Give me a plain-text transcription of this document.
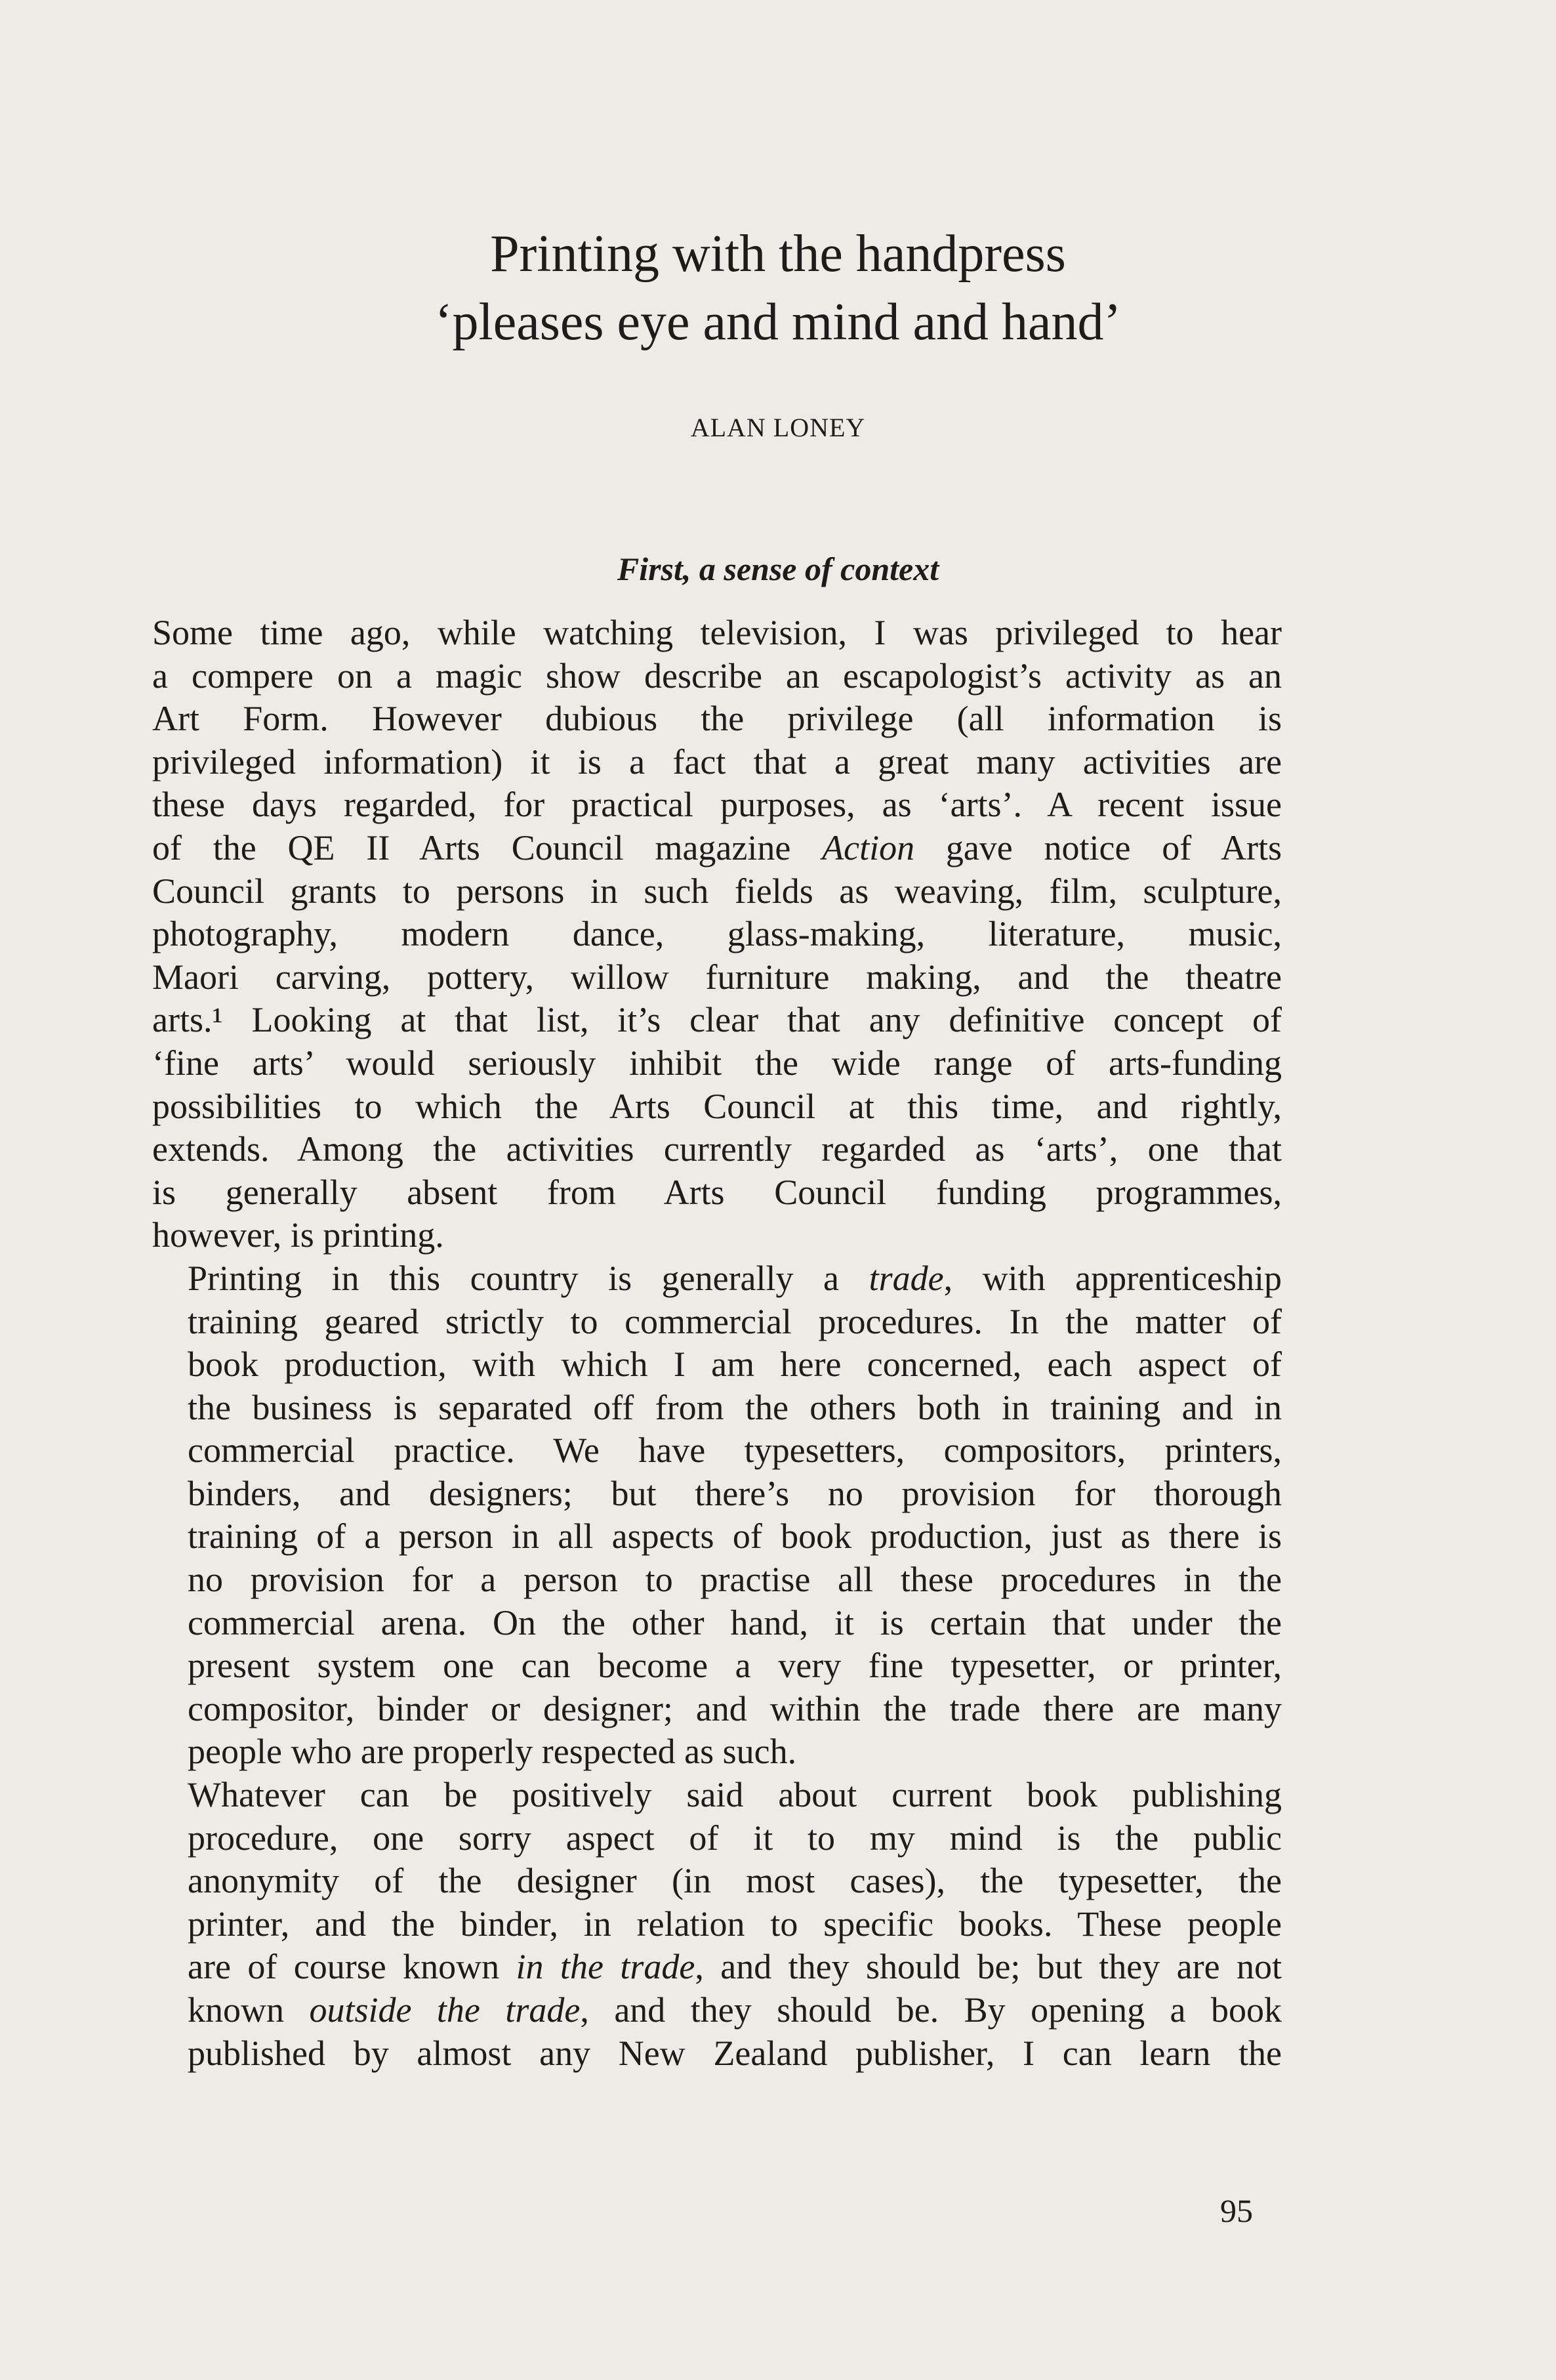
Printing with the handpress
‘pleases eye and mind and hand’

ALAN LONEY

First, a sense of context

Some time ago, while watching television, I was privileged to hear
a compere on a magic show describe an escapologist’s activity as an
Art Form. However dubious the privilege (all information is
privileged information) it is a fact that a great many activities are
these days regarded, for practical purposes, as ‘arts’. A recent issue
of the QE II Arts Council magazine Action gave notice of Arts
Council grants to persons in such fields as weaving, film, sculpture,
photography, modern dance, glass-making, literature, music,
Maori carving, pottery, willow furniture making, and the theatre
arts.¹ Looking at that list, it’s clear that any definitive concept of
‘fine arts’ would seriously inhibit the wide range of arts-funding
possibilities to which the Arts Council at this time, and rightly,
extends. Among the activities currently regarded as ‘arts’, one that
is generally absent from Arts Council funding programmes,
however, is printing.

Printing in this country is generally a trade, with apprenticeship
training geared strictly to commercial procedures. In the matter of
book production, with which I am here concerned, each aspect of
the business is separated off from the others both in training and in
commercial practice. We have typesetters, compositors, printers,
binders, and designers; but there’s no provision for thorough
training of a person in all aspects of book production, just as there is
no provision for a person to practise all these procedures in the
commercial arena. On the other hand, it is certain that under the
present system one can become a very fine typesetter, or printer,
compositor, binder or designer; and within the trade there are many
people who are properly respected as such.

Whatever can be positively said about current book publishing
procedure, one sorry aspect of it to my mind is the public
anonymity of the designer (in most cases), the typesetter, the
printer, and the binder, in relation to specific books. These people
are of course known in the trade, and they should be; but they are not
known outside the trade, and they should be. By opening a book
published by almost any New Zealand publisher, I can learn the

95
